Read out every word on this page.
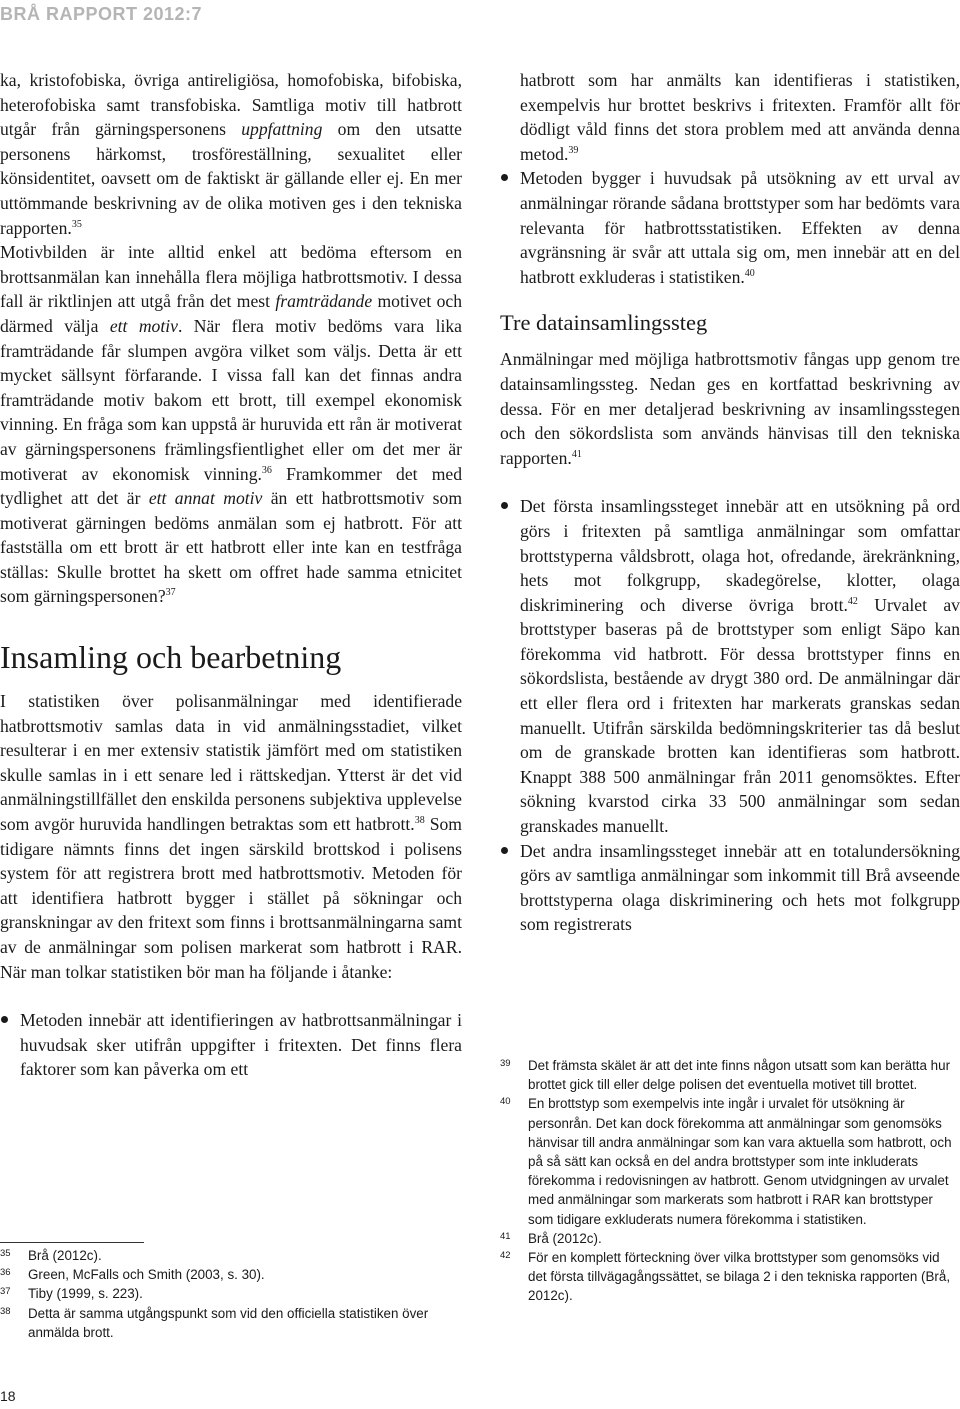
BRÅ RAPPORT 2012:7

ka, kristofobiska, övriga antireligiösa, homofobiska, bifobiska, heterofobiska samt transfobiska. Samtliga motiv till hatbrott utgår från gärningspersonens uppfattning om den utsatte personens härkomst, trosföreställning, sexualitet eller könsidentitet, oavsett om de faktiskt är gällande eller ej. En mer uttömmande beskrivning av de olika motiven ges i den tekniska rapporten.$^{35}$

Motivbilden är inte alltid enkel att bedöma eftersom en brottsanmälan kan innehålla flera möjliga hatbrottsmotiv. I dessa fall är riktlinjen att utgå från det mest framträdande motivet och därmed välja ett motiv. När flera motiv bedöms vara lika framträdande får slumpen avgöra vilket som väljs. Detta är ett mycket sällsynt förfarande. I vissa fall kan det finnas andra framträdande motiv bakom ett brott, till exempel ekonomisk vinning. En fråga som kan uppstå är huruvida ett rån är motiverat av gärningspersonens främlingsfientlighet eller om det mer är motiverat av ekonomisk vinning.$^{36}$ Framkommer det med tydlighet att det är ett annat motiv än ett hatbrottsmotiv som motiverat gärningen bedöms anmälan som ej hatbrott. För att fastställa om ett brott är ett hatbrott eller inte kan en testfråga ställas: Skulle brottet ha skett om offret hade samma etnicitet som gärningspersonen?$^{37}$

Insamling och bearbetning

I statistiken över polisanmälningar med identifierade hatbrottsmotiv samlas data in vid anmälningsstadiet, vilket resulterar i en mer extensiv statistik jämfört med om statistiken skulle samlas in i ett senare led i rättskedjan. Ytterst är det vid anmälningstillfället den enskilda personens subjektiva upplevelse som avgör huruvida handlingen betraktas som ett hatbrott.$^{38}$ Som tidigare nämnts finns det ingen särskild brottskod i polisens system för att registrera brott med hatbrottsmotiv. Metoden för att identifiera hatbrott bygger i stället på sökningar och granskningar av den fritext som finns i brottsanmälningarna samt av de anmälningar som polisen markerat som hatbrott i RAR. När man tolkar statistiken bör man ha följande i åtanke:

Metoden innebär att identifieringen av hatbrottsanmälningar i huvudsak sker utifrån uppgifter i fritexten. Det finns flera faktorer som kan påverka om ett
hatbrott som har anmälts kan identifieras i statistiken, exempelvis hur brottet beskrivs i fritexten. Framför allt för dödligt våld finns det stora problem med att använda denna metod.$^{39}$
Metoden bygger i huvudsak på utsökning av ett urval av anmälningar rörande sådana brottstyper som har bedömts vara relevanta för hatbrottsstatistiken. Effekten av denna avgränsning är svår att uttala sig om, men innebär att en del hatbrott exkluderas i statistiken.$^{40}$
Tre datainsamlingssteg

Anmälningar med möjliga hatbrottsmotiv fångas upp genom tre datainsamlingssteg. Nedan ges en kortfattad beskrivning av dessa. För en mer detaljerad beskrivning av insamlingsstegen och den sökordslista som används hänvisas till den tekniska rapporten.$^{41}$

Det första insamlingssteget innebär att en utsökning på ord görs i fritexten på samtliga anmälningar som omfattar brottstyperna våldsbrott, olaga hot, ofredande, ärekränkning, hets mot folkgrupp, skadegörelse, klotter, olaga diskriminering och diverse övriga brott.$^{42}$ Urvalet av brottstyper baseras på de brottstyper som enligt Säpo kan förekomma vid hatbrott. För dessa brottstyper finns en sökordslista, bestående av drygt 380 ord. De anmälningar där ett eller flera ord i fritexten har markerats granskas sedan manuellt. Utifrån särskilda bedömningskriterier tas då beslut om de granskade brotten kan identifieras som hatbrott. Knappt 388 500 anmälningar från 2011 genomsöktes. Efter sökning kvarstod cirka 33 500 anmälningar som sedan granskades manuellt.
Det andra insamlingssteget innebär att en totalundersökning görs av samtliga anmälningar som inkommit till Brå avseende brottstyperna olaga diskriminering och hets mot folkgrupp som registrerats
35 Brå (2012c).
36 Green, McFalls och Smith (2003, s. 30).
37 Tiby (1999, s. 223).
38 Detta är samma utgångspunkt som vid den officiella statistiken över anmälda brott.
39 Det främsta skälet är att det inte finns någon utsatt som kan berätta hur brottet gick till eller delge polisen det eventuella motivet till brottet.
40 En brottstyp som exempelvis inte ingår i urvalet för utsökning är personrån. Det kan dock förekomma att anmälningar som genomsöks hänvisar till andra anmälningar som kan vara aktuella som hatbrott, och på så sätt kan också en del andra brottstyper som inte inkluderats förekomma i redovisningen av hatbrott. Genom utvidgningen av urvalet med anmälningar som markerats som hatbrott i RAR kan brottstyper som tidigare exkluderats numera förekomma i statistiken.
41 Brå (2012c).
42 För en komplett förteckning över vilka brottstyper som genomsöks vid det första tillvägagångssättet, se bilaga 2 i den tekniska rapporten (Brå, 2012c).
18
